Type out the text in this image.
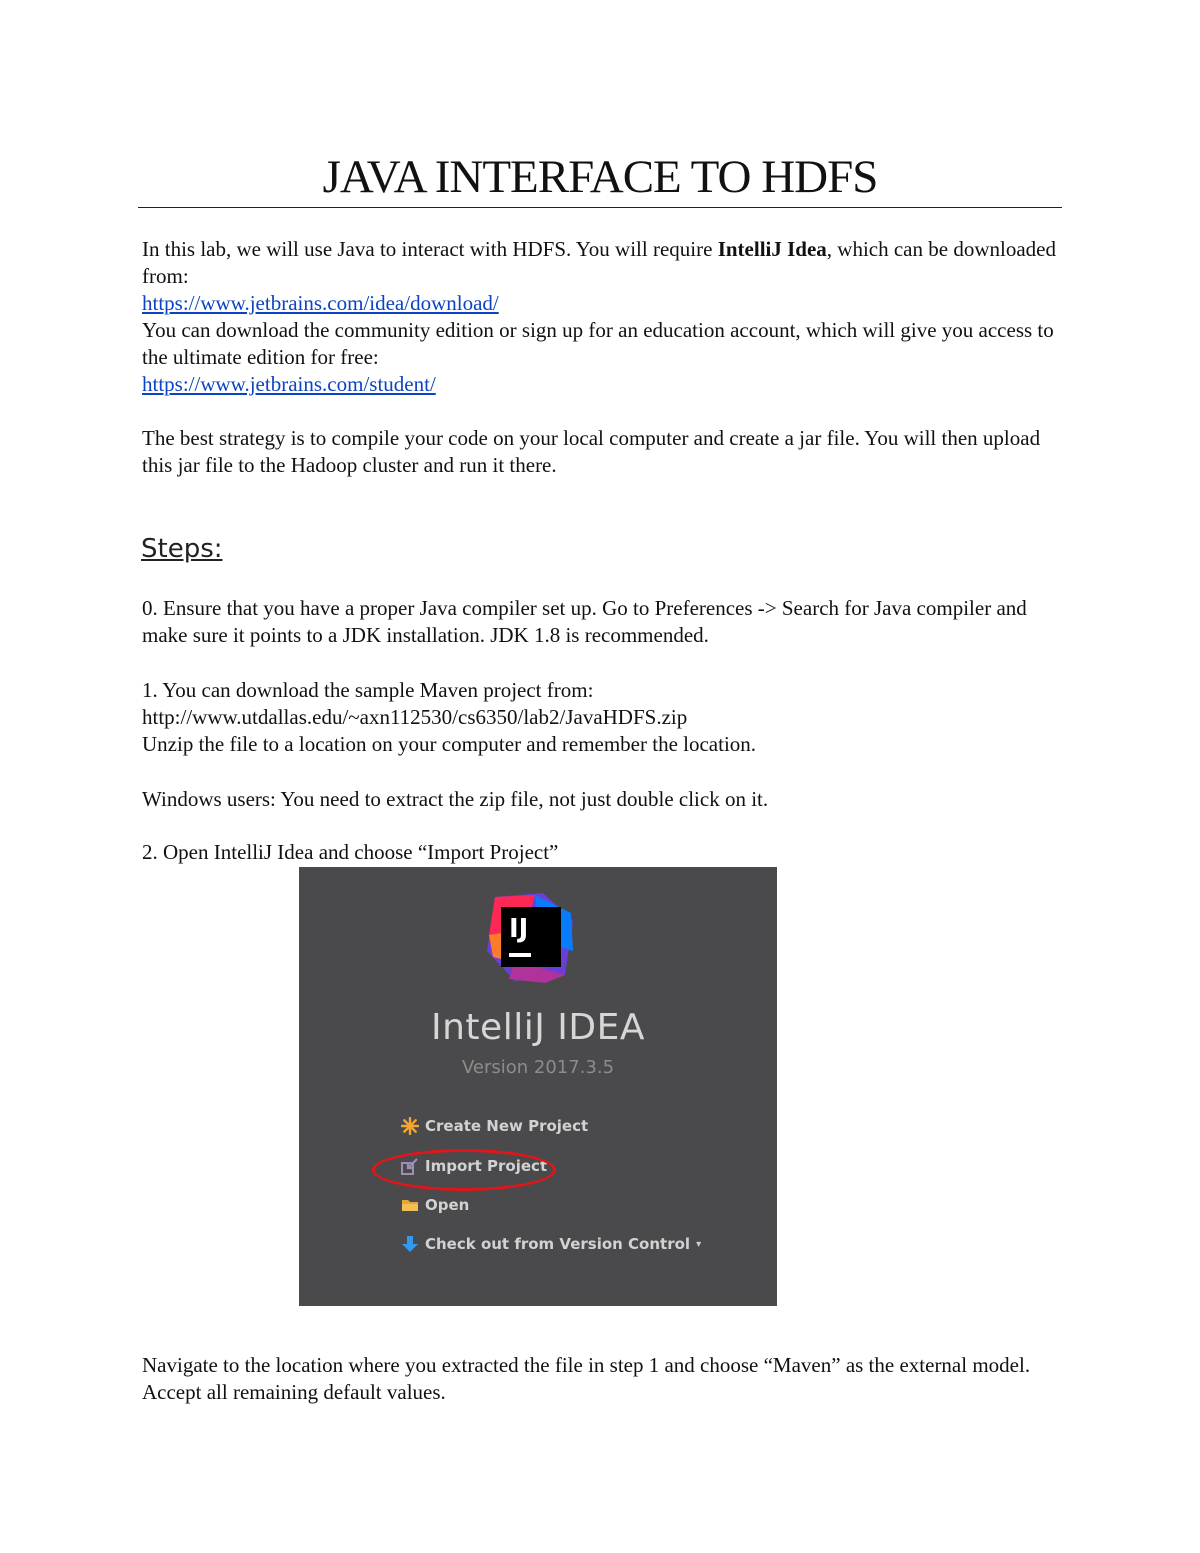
JAVA INTERFACE TO HDFS

In this lab, we will use Java to interact with HDFS. You will require IntelliJ Idea, which can be downloaded from:

https://www.jetbrains.com/idea/download/

You can download the community edition or sign up for an education account, which will give you access to the ultimate edition for free:

https://www.jetbrains.com/student/

The best strategy is to compile your code on your local computer and create a jar file. You will then upload this jar file to the Hadoop cluster and run it there.

Steps:

0. Ensure that you have a proper Java compiler set up. Go to Preferences -> Search for Java compiler and make sure it points to a JDK installation. JDK 1.8 is recommended.

1. You can download the sample Maven project from:

http://www.utdallas.edu/~axn112530/cs6350/lab2/JavaHDFS.zip

Unzip the file to a location on your computer and remember the location.

Windows users: You need to extract the zip file, not just double click on it.

2. Open IntelliJ Idea and choose “Import Project”

IJ
IntelliJ IDEA
Version 2017.3.5
Create New Project
Import Project
Open
Check out from Version Control ▾

Navigate to the location where you extracted the file in step 1 and choose “Maven” as the external model. Accept all remaining default values.
